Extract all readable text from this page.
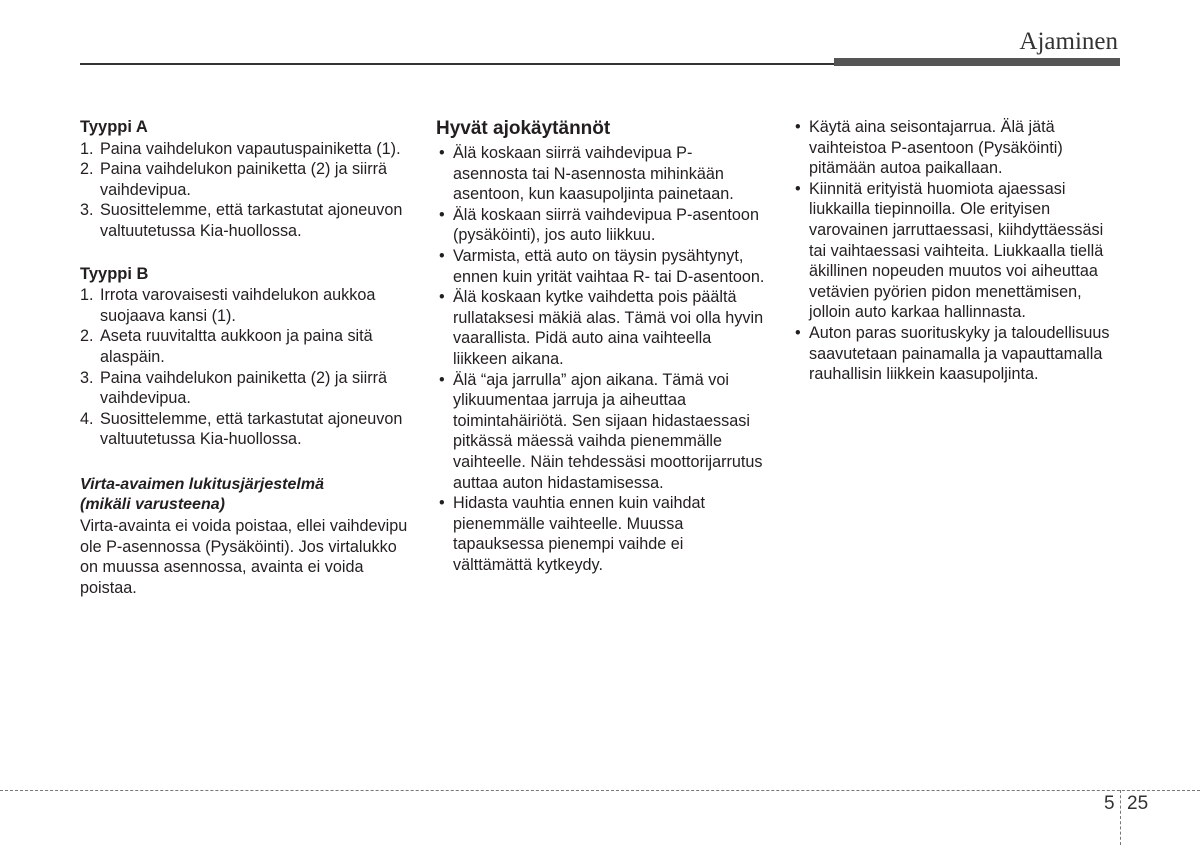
Ajaminen
Tyyppi A
1. Paina vaihdelukon vapautuspainiketta (1).
2. Paina vaihdelukon painiketta (2) ja siirrä vaihdevipua.
3. Suosittelemme, että tarkastutat ajoneuvon valtuutetussa Kia-huollossa.
Tyyppi B
1. Irrota varovaisesti vaihdelukon aukkoa suojaava kansi (1).
2. Aseta ruuvitaltta aukkoon ja paina sitä alaspäin.
3. Paina vaihdelukon painiketta (2) ja siirrä vaihdevipua.
4. Suosittelemme, että tarkastutat ajoneuvon valtuutetussa Kia-huollossa.
Virta-avaimen lukitusjärjestelmä
(mikäli varusteena)
Virta-avainta ei voida poistaa, ellei vaihdevipu ole P-asennossa (Pysäköinti). Jos virtalukko on muussa asennossa, avainta ei voida poistaa.
Hyvät ajokäytännöt
• Älä koskaan siirrä vaihdevipua P-asennosta tai N-asennosta mihinkään asentoon, kun kaasupoljinta painetaan.
• Älä koskaan siirrä vaihdevipua P-asentoon (pysäköinti), jos auto liikkuu.
• Varmista, että auto on täysin pysähtynyt, ennen kuin yrität vaihtaa R- tai D-asentoon.
• Älä koskaan kytke vaihdetta pois päältä rullataksesi mäkiä alas. Tämä voi olla hyvin vaarallista. Pidä auto aina vaihteella liikkeen aikana.
• Älä “aja jarrulla” ajon aikana. Tämä voi ylikuumentaa jarruja ja aiheuttaa toimintahäiriötä. Sen sijaan hidastaessasi pitkässä mäessä vaihda pienemmälle vaihteelle. Näin tehdessäsi moottorijarrutus auttaa auton hidastamisessa.
• Hidasta vauhtia ennen kuin vaihdat pienemmälle vaihteelle. Muussa tapauksessa pienempi vaihde ei välttämättä kytkeydy.
• Käytä aina seisontajarrua. Älä jätä vaihteistoa P-asentoon (Pysäköinti) pitämään autoa paikallaan.
• Kiinnitä erityistä huomiota ajaessasi liukkailla tiepinnoilla. Ole erityisen varovainen jarruttaessasi, kiihdyttäessäsi tai vaihtaessasi vaihteita. Liukkaalla tiellä äkillinen nopeuden muutos voi aiheuttaa vetävien pyörien pidon menettämisen, jolloin auto karkaa hallinnasta.
• Auton paras suorituskyky ja taloudellisuus saavutetaan painamalla ja vapauttamalla rauhallisin liikkein kaasupoljinta.
5 25
